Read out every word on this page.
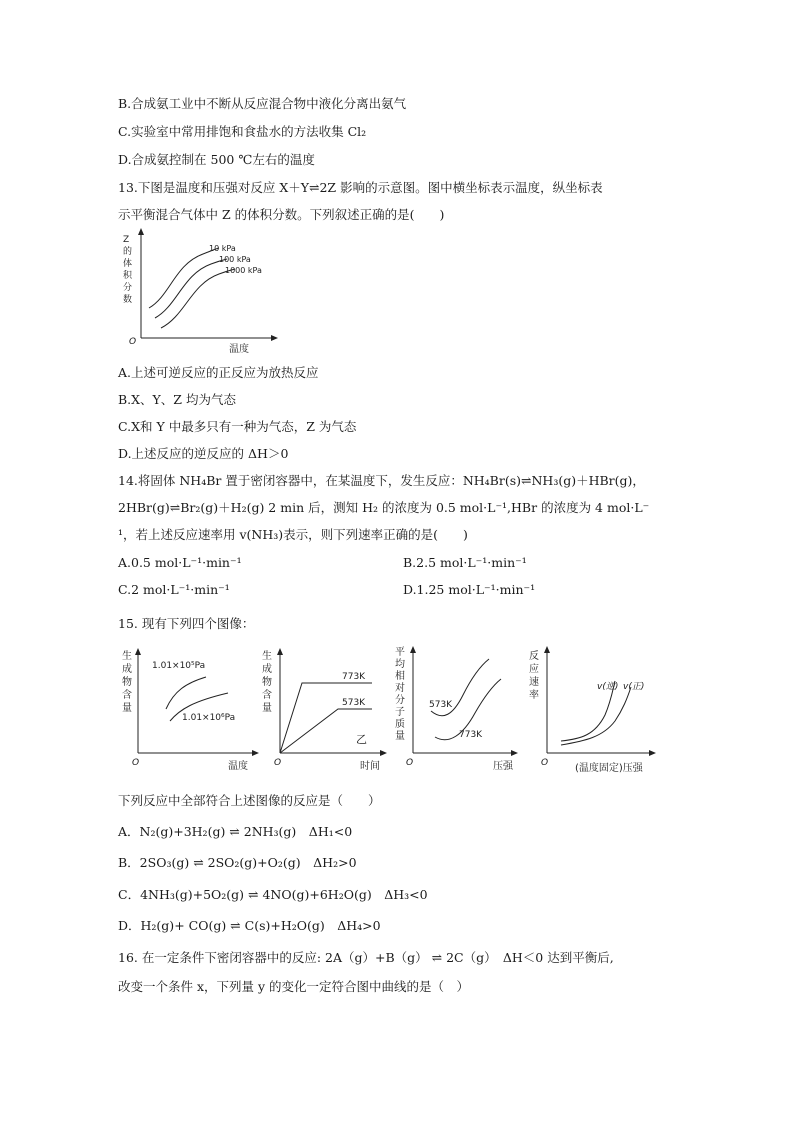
B.合成氨工业中不断从反应混合物中液化分离出氨气
C.实验室中常用排饱和食盐水的方法收集 Cl₂
D.合成氨控制在 500 ℃左右的温度
13.下图是温度和压强对反应 X＋Y⇌2Z 影响的示意图。图中横坐标表示温度，纵坐标表
示平衡混合气体中 Z 的体积分数。下列叙述正确的是(　　)
Z
的
体
积
分
数
O
温度
10 kPa
100 kPa
1000 kPa
A.上述可逆反应的正反应为放热反应
B.X、Y、Z 均为气态
C.X和 Y 中最多只有一种为气态，Z 为气态
D.上述反应的逆反应的 ΔH＞0
14.将固体 NH₄Br 置于密闭容器中，在某温度下，发生反应：NH₄Br(s)⇌NH₃(g)＋HBr(g)，
2HBr(g)⇌Br₂(g)＋H₂(g) 2 min 后，测知 H₂ 的浓度为 0.5 mol·L⁻¹,HBr 的浓度为 4 mol·L⁻
¹，若上述反应速率用 v(NH₃)表示，则下列速率正确的是(　　)
A.0.5 mol·L⁻¹·min⁻¹	B.2.5 mol·L⁻¹·min⁻¹
C.2 mol·L⁻¹·min⁻¹	D.1.25 mol·L⁻¹·min⁻¹
15. 现有下列四个图像：
生
成
物
含
量
O	温度
1.01×10⁵Pa
1.01×10⁶Pa
生
成
物
含
量
O	时间
773K
573K
乙
平
均
相
对
分
子
质
量
O	压强
573K
773K
反
应
速
率
O	(温度固定)压强
v(逆) v(正)
下列反应中全部符合上述图像的反应是（　　）
A．N₂(g)+3H₂(g) ⇌ 2NH₃(g)　ΔH₁<0
B．2SO₃(g) ⇌ 2SO₂(g)+O₂(g)　ΔH₂>0
C．4NH₃(g)+5O₂(g) ⇌ 4NO(g)+6H₂O(g)　ΔH₃<0
D．H₂(g)+ CO(g) ⇌ C(s)+H₂O(g)　ΔH₄>0
16. 在一定条件下密闭容器中的反应: 2A（g）+B（g） ⇌ 2C（g）　ΔH＜0 达到平衡后,
改变一个条件 x，下列量 y 的变化一定符合图中曲线的是（　）
